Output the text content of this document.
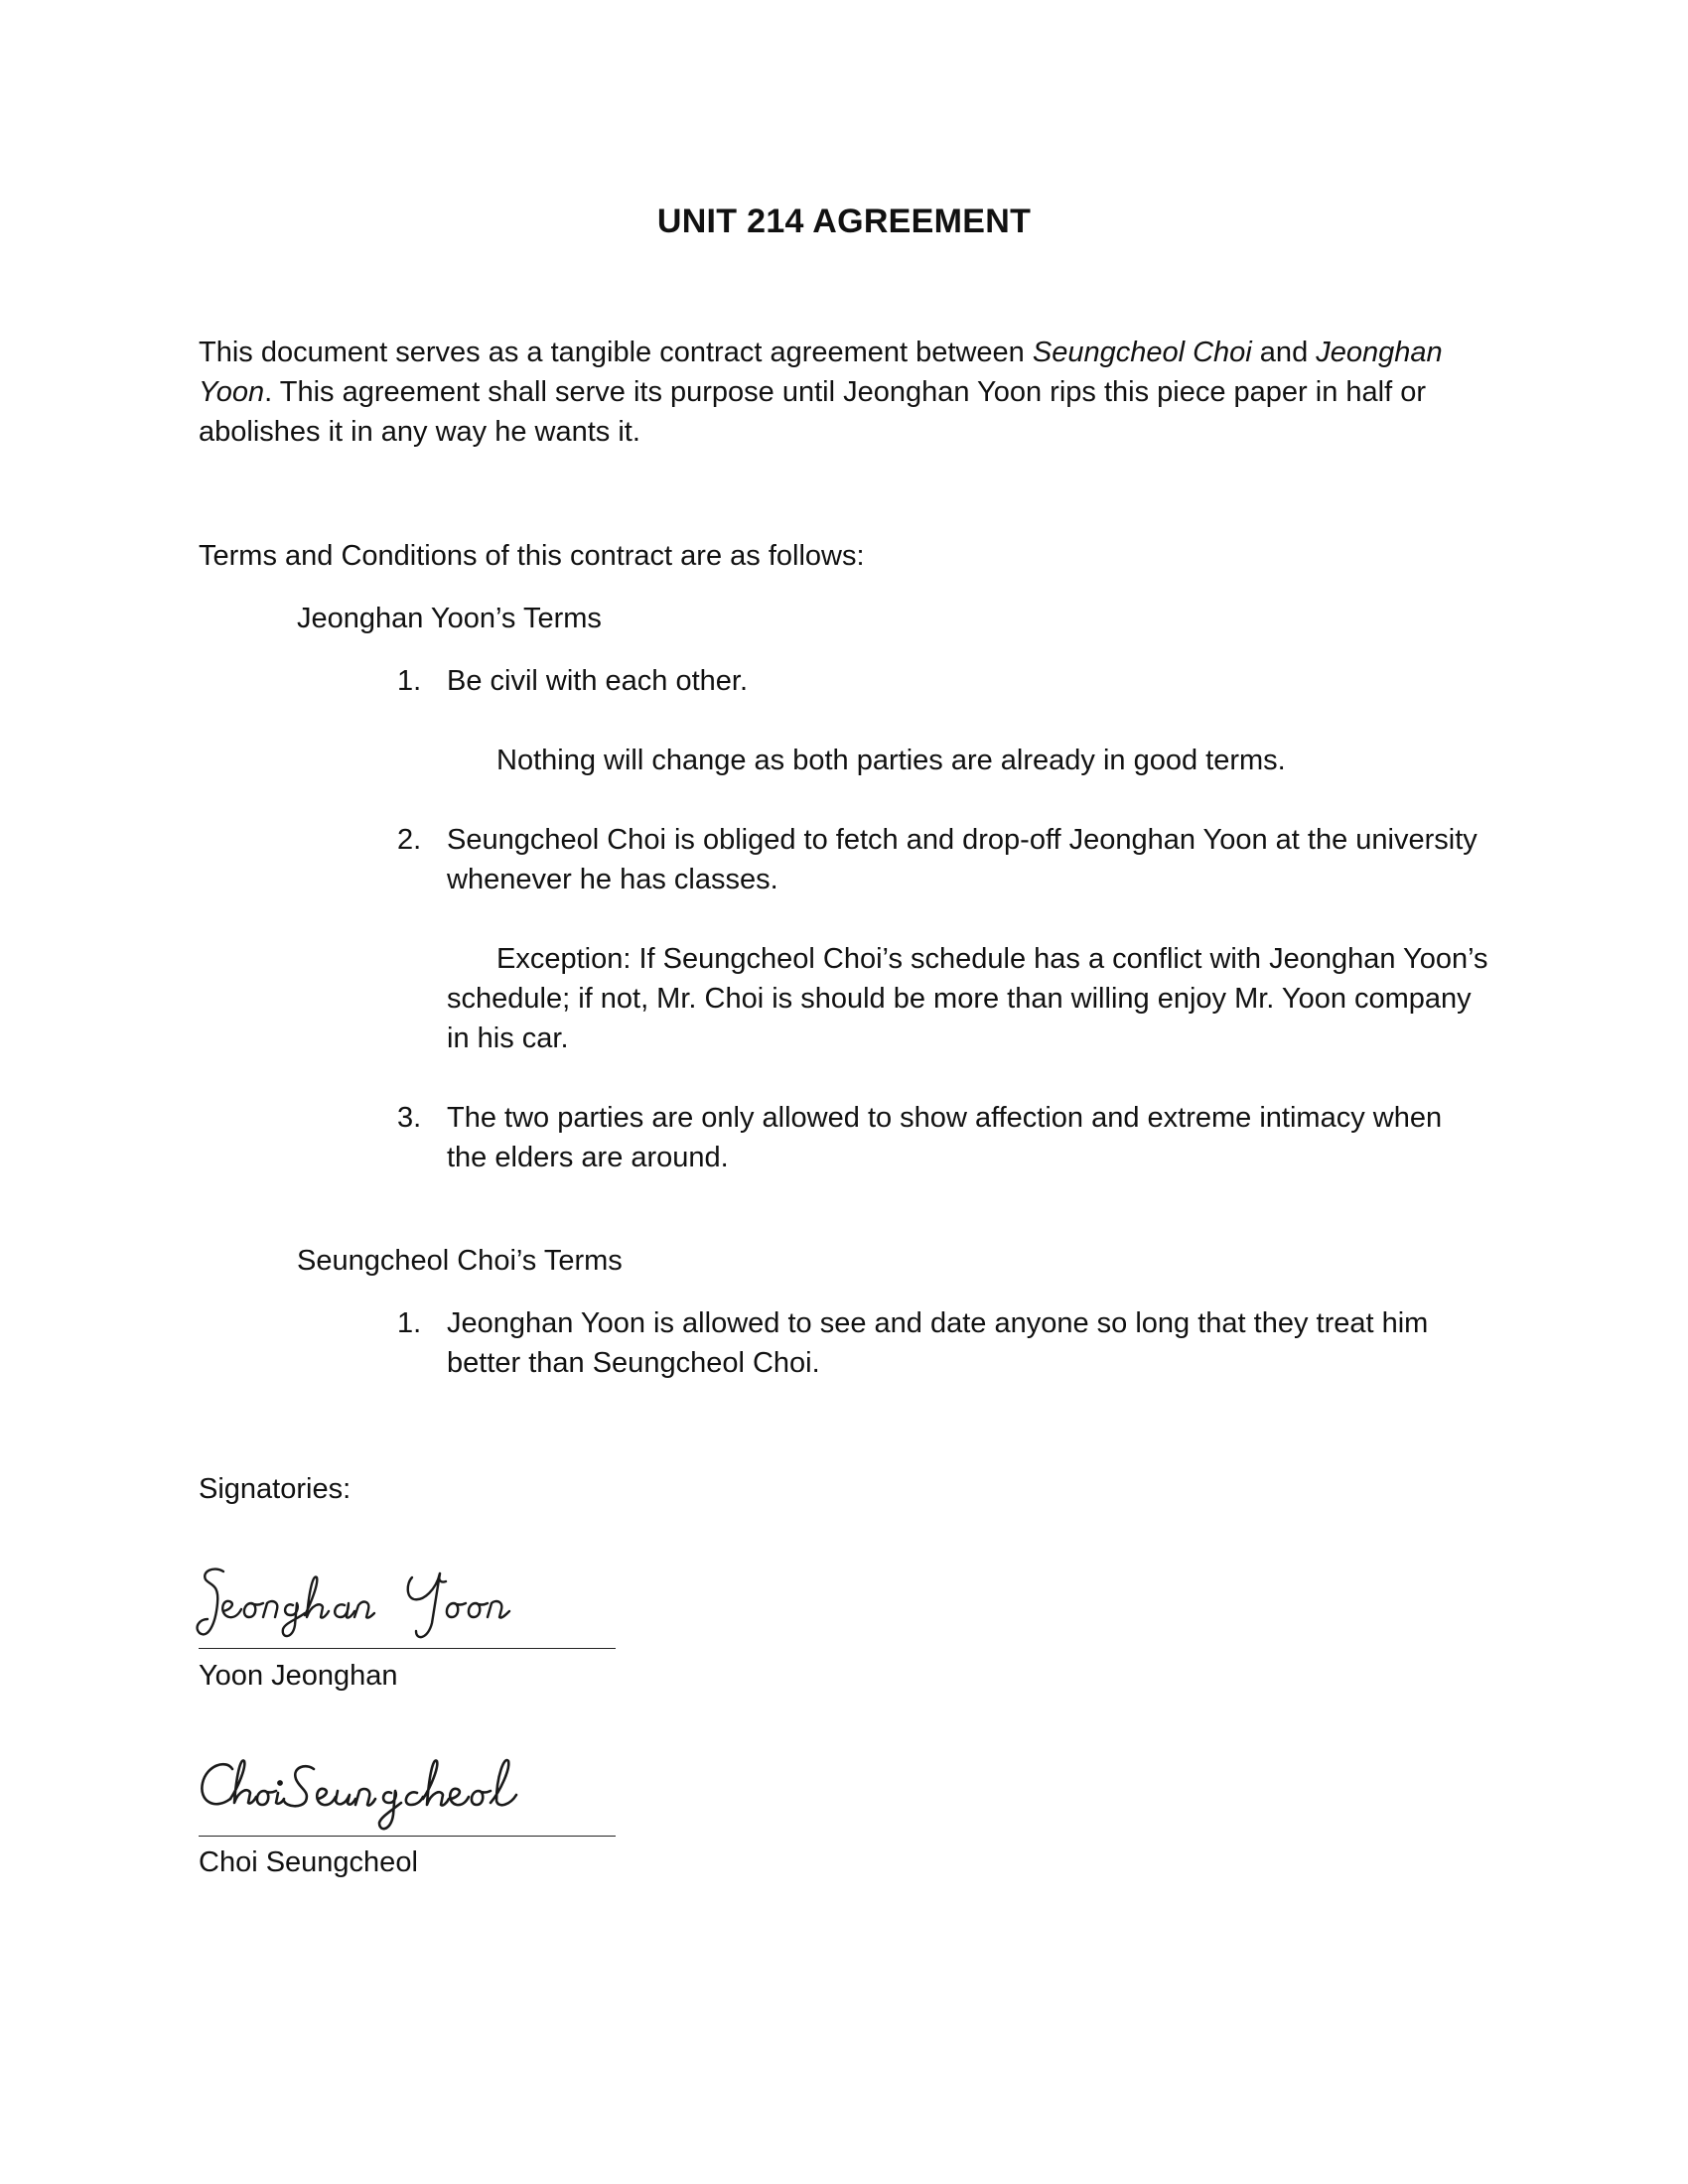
UNIT 214 AGREEMENT
This document serves as a tangible contract agreement between Seungcheol Choi and Jeonghan Yoon. This agreement shall serve its purpose until Jeonghan Yoon rips this piece paper in half or abolishes it in any way he wants it.
Terms and Conditions of this contract are as follows:
Jeonghan Yoon’s Terms
1. Be civil with each other.
Nothing will change as both parties are already in good terms.
2. Seungcheol Choi is obliged to fetch and drop-off Jeonghan Yoon at the university whenever he has classes.
Exception: If Seungcheol Choi’s schedule has a conflict with Jeonghan Yoon’s schedule; if not, Mr. Choi is should be more than willing enjoy Mr. Yoon company in his car.
3. The two parties are only allowed to show affection and extreme intimacy when the elders are around.
Seungcheol Choi’s Terms
1. Jeonghan Yoon is allowed to see and date anyone so long that they treat him better than Seungcheol Choi.
Signatories:
Yoon Jeonghan
Choi Seungcheol
